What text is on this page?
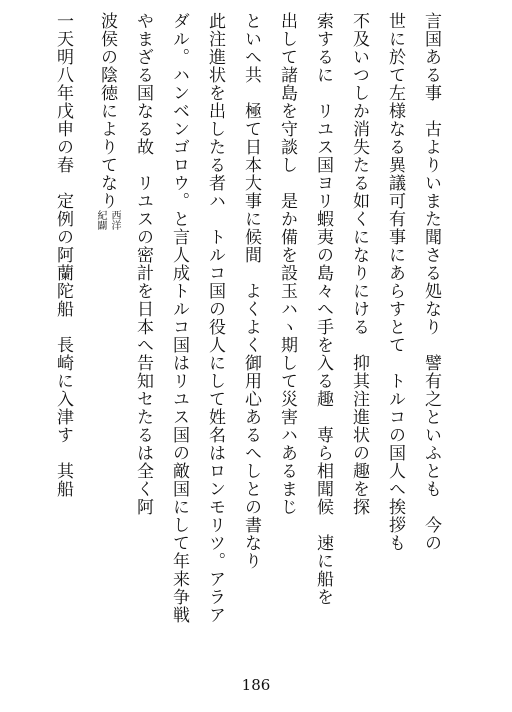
言国ある事　古よりいまた聞さる処なり　譬有之といふとも　今の
世に於て左様なる異議可有事にあらすとて　トルコの国人へ挨拶も
不及いつしか消失たる如くになりにける　抑其注進状の趣を探
索するに　リユス国ヨリ蝦夷の島々へ手を入る趣　専ら相聞候　速に船を
出して諸島を守談し　是か備を設玉ハヽ期して災害ハあるまじ
といへ共　極て日本大事に候間　よくよく御用心あるへしとの書なり
此注進状を出したる者ハ　トルコ国の役人にして姓名はロンモリツ。アラア
ダル。ハンベンゴロウ。と言人成トルコ国はリユス国の敵国にして年来争戦
やまざる国なる故　リユスの密計を日本へ告知セたるは全く阿
波侯の陰徳によりてなり
西洋
紀闢
一天明八年戊申の春　定例の阿蘭陀船　長崎に入津す　其船
186
